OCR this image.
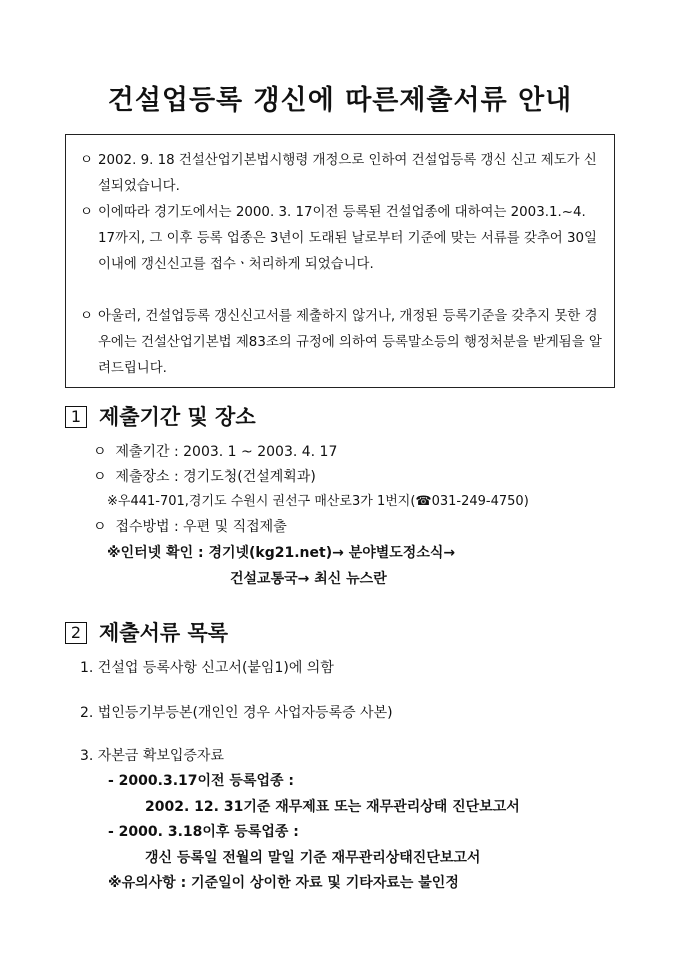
건설업등록 갱신에 따른제출서류 안내
ㅇ 2002. 9. 18 건설산업기본법시행령 개정으로 인하여 건설업등록 갱신 신고 제도가 신설되었습니다.
ㅇ 이에따라 경기도에서는 2000. 3. 17이전 등록된 건설업종에 대하여는 2003.1.~4. 17까지, 그 이후 등록 업종은 3년이 도래된 날로부터 기준에 맞는 서류를 갖추어 30일 이내에 갱신신고를 접수ㆍ처리하게 되었습니다.
ㅇ 아울러, 건설업등록 갱신신고서를 제출하지 않거나, 개정된 등록기준을 갖추지 못한 경우에는 건설산업기본법 제83조의 규정에 의하여 등록말소등의 행정처분을 받게됨을 알려드립니다.
1 제출기간 및 장소
ㅇ 제출기간 : 2003. 1 ~ 2003. 4. 17
ㅇ 제출장소 : 경기도청(건설계획과)
※우441-701,경기도 수원시 권선구 매산로3가 1번지(☎031-249-4750)
ㅇ 접수방법 : 우편 및 직접제출
※인터넷 확인 : 경기넷(kg21.net)→ 분야별도정소식→
건설교통국→ 최신 뉴스란
2 제출서류 목록
1. 건설업 등록사항 신고서(붙임1)에 의함
2. 법인등기부등본(개인인 경우 사업자등록증 사본)
3. 자본금 확보입증자료
- 2000.3.17이전 등록업종 :
2002. 12. 31기준 재무제표 또는 재무관리상태 진단보고서
- 2000. 3.18이후 등록업종 :
갱신 등록일 전월의 말일 기준 재무관리상태진단보고서
※유의사항 : 기준일이 상이한 자료 및 기타자료는 불인정
